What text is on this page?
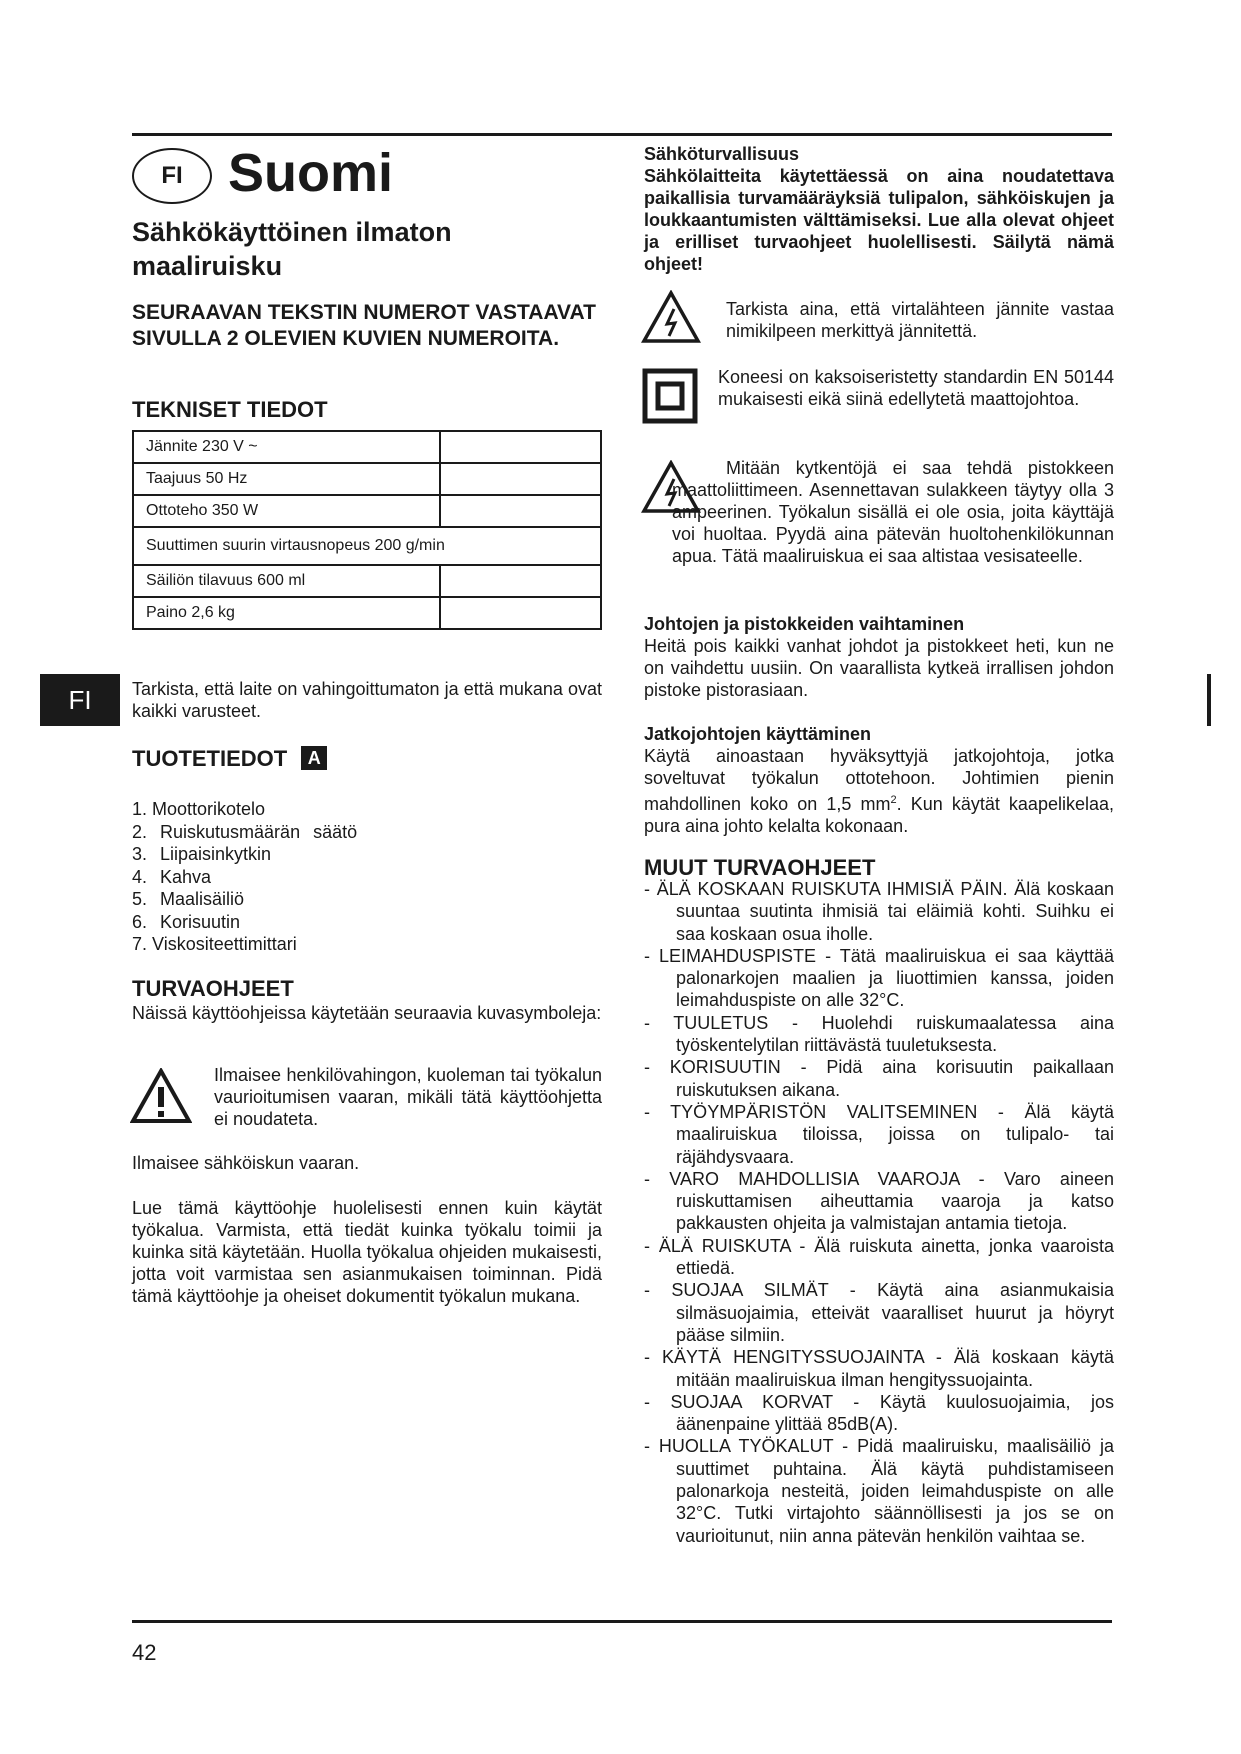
FI Suomi
Sähkökäyttöinen ilmaton maaliruisku
SEURAAVAN TEKSTIN NUMEROT VASTAAVAT SIVULLA 2 OLEVIEN KUVIEN NUMEROITA.
TEKNISET TIEDOT
Jännite 230 V ~	
Taajuus 50 Hz	
Ottoteho 350 W	
Suuttimen suurin virtausnopeus 200 g/min	
Säiliön tilavuus 600 ml	
Paino 2,6 kg	
FI	Tarkista, että laite on vahingoittumaton ja että mukana ovat kaikki varusteet.

TUOTETIEDOT A
1. Moottorikotelo
2. Ruiskutusmäärän säätö
3. Liipaisinkytkin
4. Kahva
5. Maalisäiliö
6. Korisuutin
7. Viskositeettimittari
TURVAOHJEET

Näissä käyttöohjeissa käytetään seuraavia kuvasymboleja:

Ilmaisee henkilövahingon, kuoleman tai työkalun vaurioitumisen vaaran, mikäli tätä käyttöohjetta ei noudateta.

Ilmaisee sähköiskun vaaran.

Lue tämä käyttöohje huolelisesti ennen kuin käytät työkalua. Varmista, että tiedät kuinka työkalu toimii ja kuinka sitä käytetään. Huolla työkalua ohjeiden mukaisesti, jotta voit varmistaa sen asianmukaisen toiminnan. Pidä tämä käyttöohje ja oheiset dokumentit työkalun mukana.

Sähköturvallisuus

Sähkölaitteita käytettäessä on aina noudatettava paikallisia turvamääräyksiä tulipalon, sähköiskujen ja loukkaantumisten välttämiseksi. Lue alla olevat ohjeet ja erilliset turvaohjeet huolellisesti. Säilytä nämä ohjeet!

Tarkista aina, että virtalähteen jännite vastaa nimikilpeen merkittyä jännitettä.

Koneesi on kaksoiseristetty standardin EN 50144 mukaisesti eikä siinä edellytetä maattojohtoa.

Mitään kytkentöjä ei saa tehdä pistokkeen maattoliittimeen. Asennettavan sulakkeen täytyy olla 3 ampeerinen. Työkalun sisällä ei ole osia, joita käyttäjä voi huoltaa. Pyydä aina pätevän huoltohenkilökunnan apua. Tätä maaliruiskua ei saa altistaa vesisateelle.

Johtojen ja pistokkeiden vaihtaminen

Heitä pois kaikki vanhat johdot ja pistokkeet heti, kun ne on vaihdettu uusiin. On vaarallista kytkeä irrallisen johdon pistoke pistorasiaan.

Jatkojohtojen käyttäminen

Käytä ainoastaan hyväksyttyjä jatkojohtoja, jotka soveltuvat työkalun ottotehoon. Johtimien pienin mahdollinen koko on 1,5 $mm^2$. Kun käytät kaapelikelaa, pura aina johto kelalta kokonaan.

MUUT TURVAOHJEET
- ÄLÄ KOSKAAN RUISKUTA IHMISIÄ PÄIN. Älä koskaan suuntaa suutinta ihmisiä tai eläimiä kohti. Suihku ei saa koskaan osua iholle.
- LEIMAHDUSPISTE - Tätä maaliruiskua ei saa käyttää palonarkojen maalien ja liuottimien kanssa, joiden leimahduspiste on alle 32°C.
- TUULETUS - Huolehdi ruiskumaalatessa aina työskentelytilan riittävästä tuuletuksesta.
- KORISUUTIN - Pidä aina korisuutin paikallaan ruiskutuksen aikana.
- TYÖYMPÄRISTÖN VALITSEMINEN - Älä käytä maaliruiskua tiloissa, joissa on tulipalo- tai räjähdysvaara.
- VARO MAHDOLLISIA VAAROJA - Varo aineen ruiskuttamisen aiheuttamia vaaroja ja katso pakkausten ohjeita ja valmistajan antamia tietoja.
- ÄLÄ RUISKUTA - Älä ruiskuta ainetta, jonka vaaroista ettiedä.
- SUOJAA SILMÄT - Käytä aina asianmukaisia silmäsuojaimia, etteivät vaaralliset huurut ja höyryt pääse silmiin.
- KÄYTÄ HENGITYSSUOJAINTA - Älä koskaan käytä mitään maaliruiskua ilman hengityssuojainta.
- SUOJAA KORVAT - Käytä kuulosuojaimia, jos äänenpaine ylittää 85dB(A).
- HUOLLA TYÖKALUT - Pidä maaliruisku, maalisäiliö ja suuttimet puhtaina. Älä käytä puhdistamiseen palonarkoja nesteitä, joiden leimahduspiste on alle 32°C. Tutki virtajohto säännöllisesti ja jos se on vaurioitunut, niin anna pätevän henkilön vaihtaa se.
42
